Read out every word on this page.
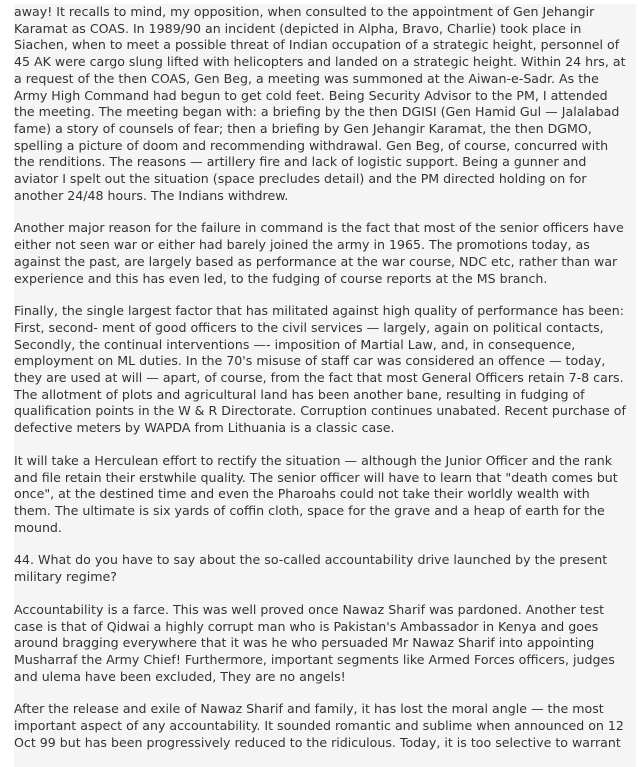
away! It recalls to mind, my opposition, when consulted to the appointment of Gen Jehangir
Karamat as COAS. In 1989/90 an incident (depicted in Alpha, Bravo, Charlie) took place in
Siachen, when to meet a possible threat of Indian occupation of a strategic height, personnel of
45 AK were cargo slung lifted with helicopters and landed on a strategic height. Within 24 hrs, at
a request of the then COAS, Gen Beg, a meeting was summoned at the Aiwan-e-Sadr. As the
Army High Command had begun to get cold feet. Being Security Advisor to the PM, I attended
the meeting. The meeting began with: a briefing by the then DGISI (Gen Hamid Gul — Jalalabad
fame) a story of counsels of fear; then a briefing by Gen Jehangir Karamat, the then DGMO,
spelling a picture of doom and recommending withdrawal. Gen Beg, of course, concurred with
the renditions. The reasons — artillery fire and lack of logistic support. Being a gunner and
aviator I spelt out the situation (space precludes detail) and the PM directed holding on for
another 24/48 hours. The Indians withdrew.

Another major reason for the failure in command is the fact that most of the senior officers have
either not seen war or either had barely joined the army in 1965. The promotions today, as
against the past, are largely based as performance at the war course, NDC etc, rather than war
experience and this has even led, to the fudging of course reports at the MS branch.

Finally, the single largest factor that has militated against high quality of performance has been:
First, second- ment of good officers to the civil services — largely, again on political contacts,
Secondly, the continual interventions —- imposition of Martial Law, and, in consequence,
employment on ML duties. In the 70's misuse of staff car was considered an offence — today,
they are used at will — apart, of course, from the fact that most General Officers retain 7-8 cars.
The allotment of plots and agricultural land has been another bane, resulting in fudging of
qualification points in the W & R Directorate. Corruption continues unabated. Recent purchase of
defective meters by WAPDA from Lithuania is a classic case.

It will take a Herculean effort to rectify the situation — although the Junior Officer and the rank
and file retain their erstwhile quality. The senior officer will have to learn that "death comes but
once", at the destined time and even the Pharoahs could not take their worldly wealth with
them. The ultimate is six yards of coffin cloth, space for the grave and a heap of earth for the
mound.

44. What do you have to say about the so-called accountability drive launched by the present
military regime?

Accountability is a farce. This was well proved once Nawaz Sharif was pardoned. Another test
case is that of Qidwai a highly corrupt man who is Pakistan's Ambassador in Kenya and goes
around bragging everywhere that it was he who persuaded Mr Nawaz Sharif into appointing
Musharraf the Army Chief! Furthermore, important segments like Armed Forces officers, judges
and ulema have been excluded, They are no angels!

After the release and exile of Nawaz Sharif and family, it has lost the moral angle — the most
important aspect of any accountability. It sounded romantic and sublime when announced on 12
Oct 99 but has been progressively reduced to the ridiculous. Today, it is too selective to warrant
